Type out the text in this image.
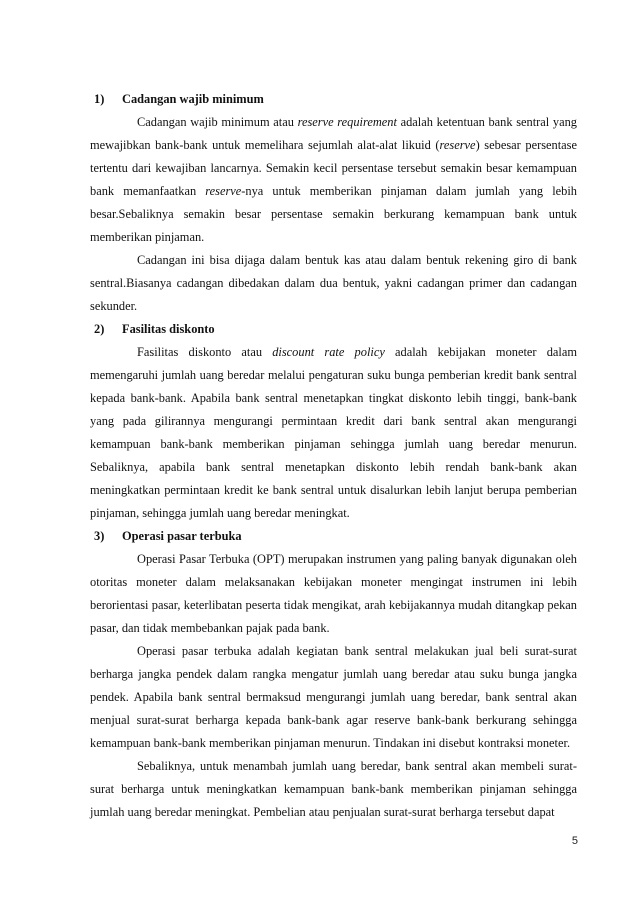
1)	Cadangan wajib minimum

Cadangan wajib minimum atau reserve requirement adalah ketentuan bank sentral yang mewajibkan bank-bank untuk memelihara sejumlah alat-alat likuid (reserve) sebesar persentase tertentu dari kewajiban lancarnya. Semakin kecil persentase tersebut semakin besar kemampuan bank memanfaatkan reserve-nya untuk memberikan pinjaman dalam jumlah yang lebih besar.Sebaliknya semakin besar persentase semakin berkurang kemampuan bank untuk memberikan pinjaman.

Cadangan ini bisa dijaga dalam bentuk kas atau dalam bentuk rekening giro di bank sentral.Biasanya cadangan dibedakan dalam dua bentuk, yakni cadangan primer dan cadangan sekunder.

2)	Fasilitas diskonto

Fasilitas diskonto atau discount rate policy adalah kebijakan moneter dalam memengaruhi jumlah uang beredar melalui pengaturan suku bunga pemberian kredit bank sentral kepada bank-bank. Apabila bank sentral menetapkan tingkat diskonto lebih tinggi, bank-bank yang pada gilirannya mengurangi permintaan kredit dari bank sentral akan mengurangi kemampuan bank-bank memberikan pinjaman sehingga jumlah uang beredar menurun. Sebaliknya, apabila bank sentral menetapkan diskonto lebih rendah bank-bank akan meningkatkan permintaan kredit ke bank sentral untuk disalurkan lebih lanjut berupa pemberian pinjaman, sehingga jumlah uang beredar meningkat.

3)	Operasi pasar terbuka

Operasi Pasar Terbuka (OPT) merupakan instrumen yang paling banyak digunakan oleh otoritas moneter dalam melaksanakan kebijakan moneter mengingat instrumen ini lebih berorientasi pasar, keterlibatan peserta tidak mengikat, arah kebijakannya mudah ditangkap pekan pasar, dan tidak membebankan pajak pada bank.

Operasi pasar terbuka adalah kegiatan bank sentral melakukan jual beli surat-surat berharga jangka pendek dalam rangka mengatur jumlah uang beredar atau suku bunga jangka pendek. Apabila bank sentral bermaksud mengurangi jumlah uang beredar, bank sentral akan menjual surat-surat berharga kepada bank-bank agar reserve bank-bank berkurang sehingga kemampuan bank-bank memberikan pinjaman menurun. Tindakan ini disebut kontraksi moneter.

Sebaliknya, untuk menambah jumlah uang beredar, bank sentral akan membeli surat-surat berharga untuk meningkatkan kemampuan bank-bank memberikan pinjaman sehingga jumlah uang beredar meningkat. Pembelian atau penjualan surat-surat berharga tersebut dapat

5
